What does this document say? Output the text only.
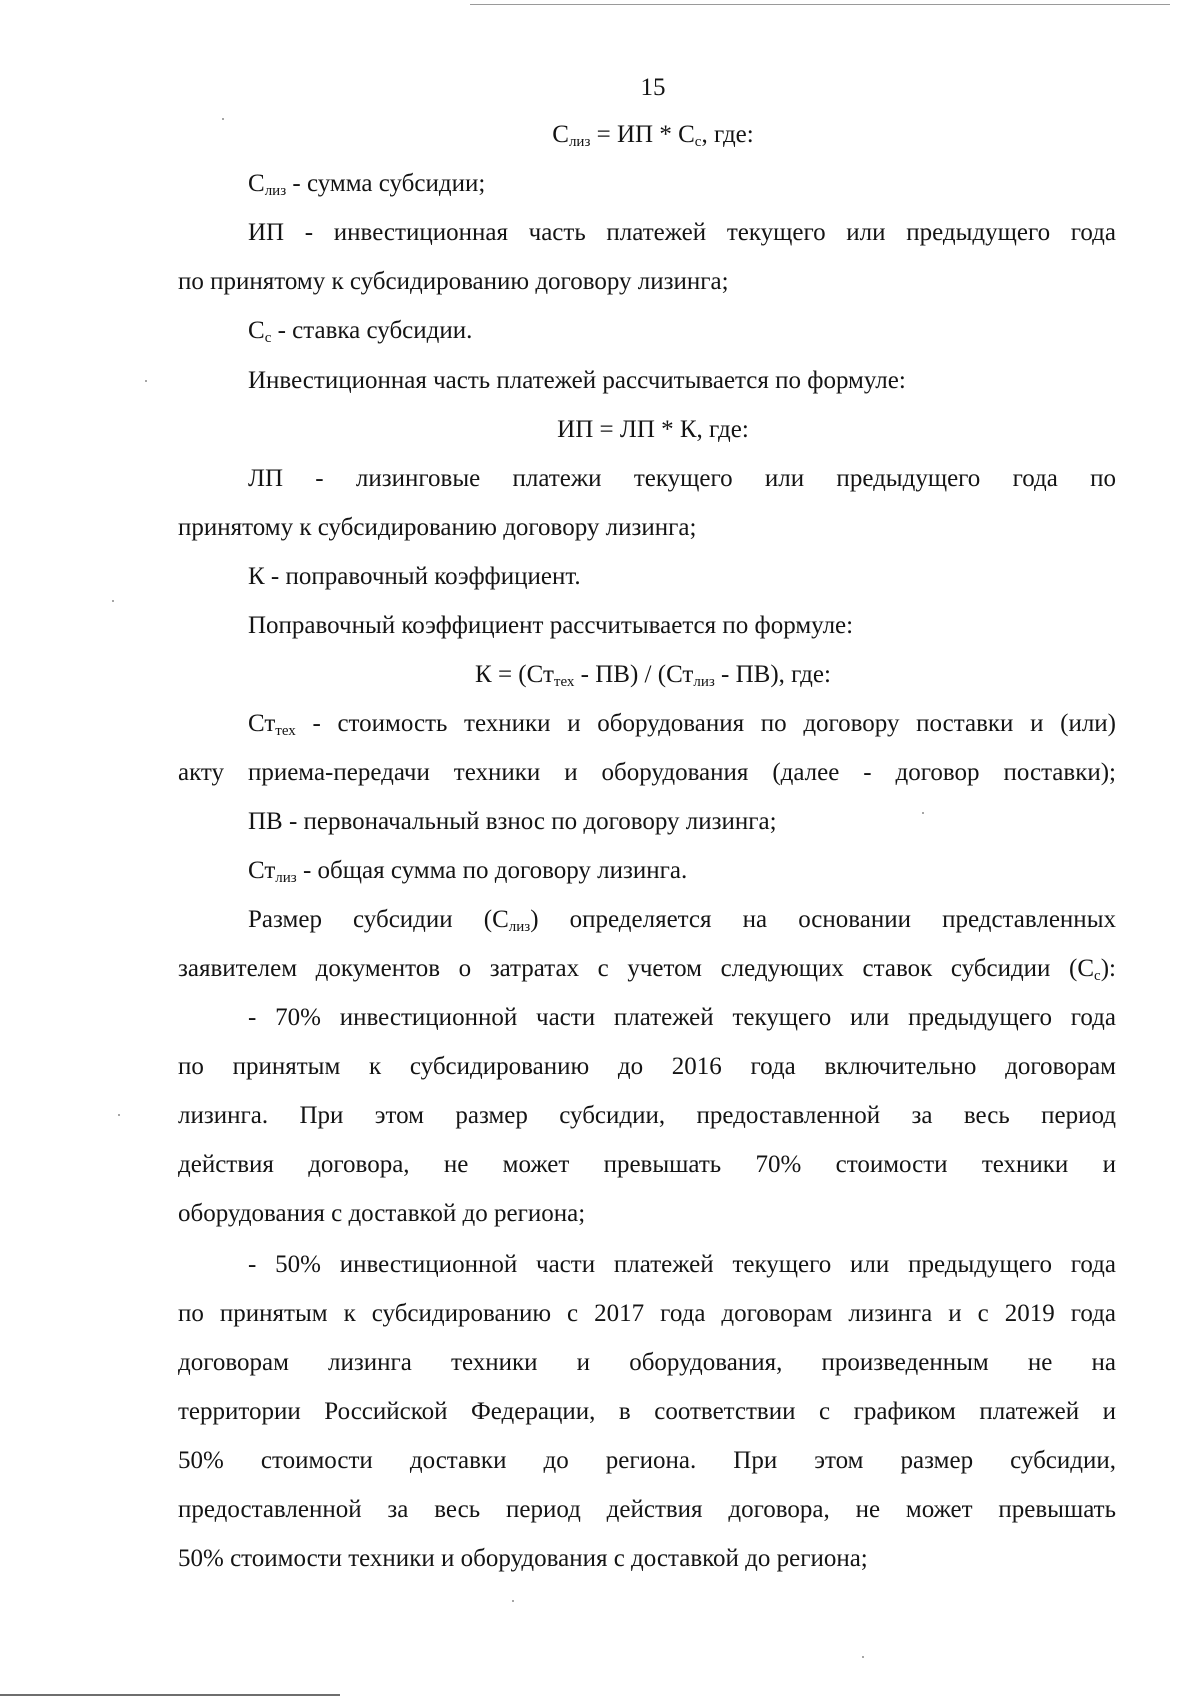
15
$С_{лиз}$ = ИП * $С_с$, где:
$С_{лиз}$ - сумма субсидии;
ИП - инвестиционная часть платежей текущего или предыдущего года
по принятому к субсидированию договору лизинга;
$С_с$ - ставка субсидии.
Инвестиционная часть платежей рассчитывается по формуле:
ИП = ЛП * К, где:
ЛП - лизинговые платежи текущего или предыдущего года по
принятому к субсидированию договору лизинга;
К - поправочный коэффициент.
Поправочный коэффициент рассчитывается по формуле:
$К = (Ст_{тех} - ПВ) / (Ст_{лиз} - ПВ)$, где:
$Ст_{тех}$ - стоимость техники и оборудования по договору поставки и (или)
акту приема-передачи техники и оборудования (далее - договор поставки);
ПВ - первоначальный взнос по договору лизинга;
$Ст_{лиз}$ - общая сумма по договору лизинга.
Размер субсидии $(С_{лиз})$ определяется на основании представленных
заявителем документов о затратах с учетом следующих ставок субсидии $(С_с)$:
- 70% инвестиционной части платежей текущего или предыдущего года
по принятым к субсидированию до 2016 года включительно договорам
лизинга. При этом размер субсидии, предоставленной за весь период
действия договора, не может превышать 70% стоимости техники и
оборудования с доставкой до региона;
- 50% инвестиционной части платежей текущего или предыдущего года
по принятым к субсидированию с 2017 года договорам лизинга и с 2019 года
договорам лизинга техники и оборудования, произведенным не на
территории Российской Федерации, в соответствии с графиком платежей и
50% стоимости доставки до региона. При этом размер субсидии,
предоставленной за весь период действия договора, не может превышать
50% стоимости техники и оборудования с доставкой до региона;
